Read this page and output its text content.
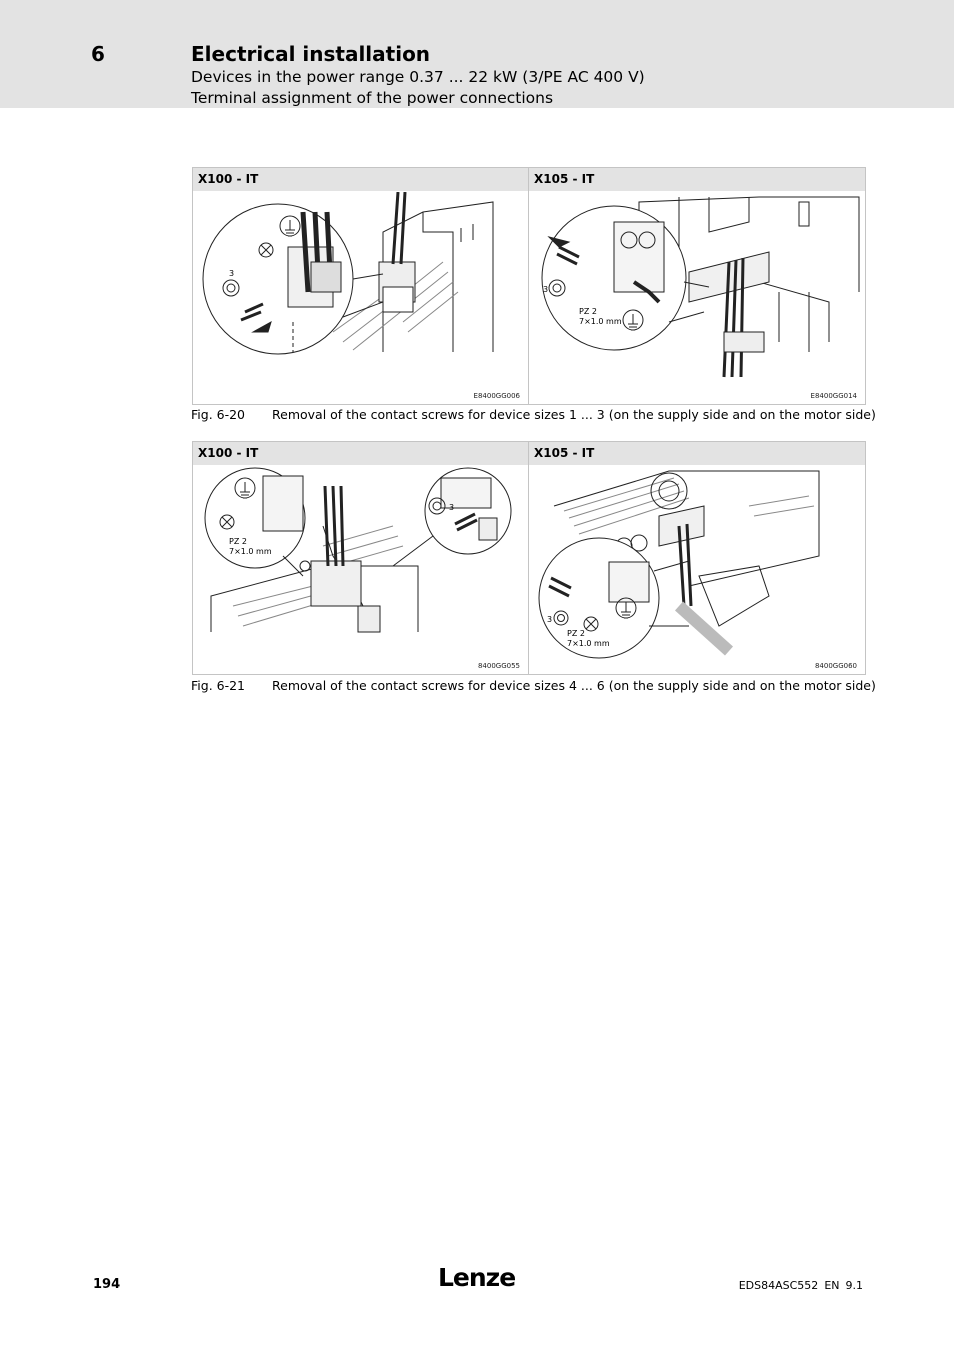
6	Electrical installation
Devices in the power range 0.37 ... 22 kW (3/PE AC 400 V)
Terminal assignment of the power connections
X100 - IT
3
E8400GG006
X105 - IT
3
PZ 2
7×1.0 mm
E8400GG014
Fig. 6-20 Removal of the contact screws for device sizes 1 ... 3 (on the supply side and on the motor side)
X100 - IT
3
PZ 2
7×1.0 mm
8400GG055
X105 - IT
3
PZ 2
7×1.0 mm
8400GG060
Fig. 6-21 Removal of the contact screws for device sizes 4 ... 6 (on the supply side and on the motor side)
194	Lenze	EDS84ASC552 EN 9.1
